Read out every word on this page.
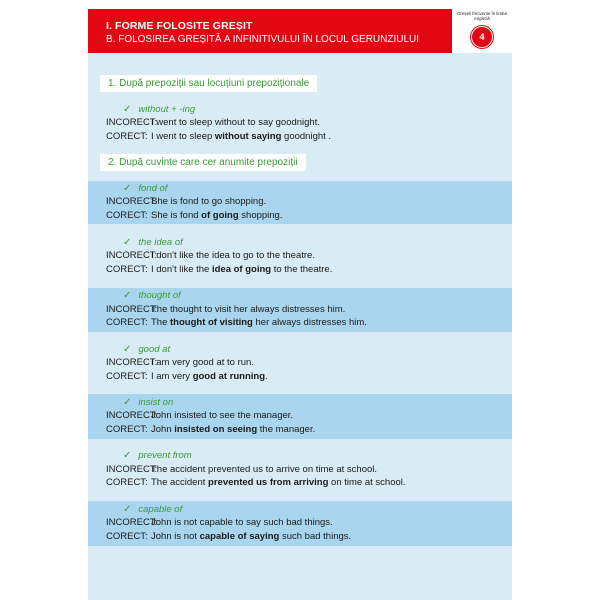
I. FORME FOLOSITE GREȘIT
B. FOLOSIREA GREȘITĂ A INFINITIVULUI ÎN LOCUL GERUNZIULUI
Greșeli frecvente în limba engleză
4
1. După prepoziții sau locuțiuni prepoziționale
2. După cuvinte care cer anumite prepoziții
✓ without + -ing
INCORECT:I went to sleep without to say goodnight.
CORECT: I went to sleep without saying goodnight .
✓ fond of
INCORECT:She is fond to go shopping.
CORECT: She is fond of going shopping.
✓ the idea of
INCORECT:I don't like the idea to go to the theatre.
CORECT: I don't like the idea of going to the theatre.
✓ thought of
INCORECT:The thought to visit her always distresses him.
CORECT: The thought of visiting her always distresses him.
✓ good at
INCORECT:I am very good at to run.
CORECT: I am very good at running.
✓ insist on
INCORECT:John insisted to see the manager.
CORECT: John insisted on seeing the manager.
✓ prevent from
INCORECT:The accident prevented us to arrive on time at school.
CORECT: The accident prevented us from arriving on time at school.
✓ capable of
INCORECT:John is not capable to say such bad things.
CORECT: John is not capable of saying such bad things.
